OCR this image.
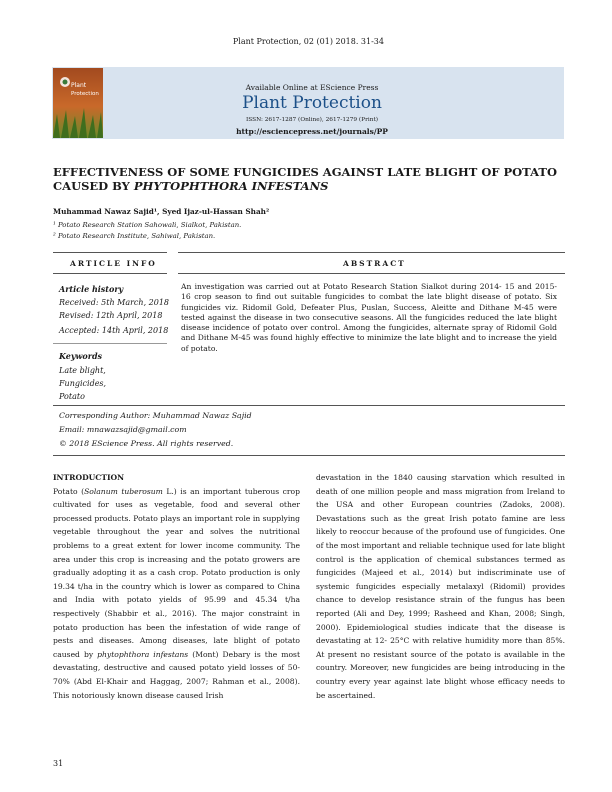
Plant Protection, 02 (01) 2018. 31-34
Plant
Protection
Available Online at EScience Press
Plant Protection
ISSN: 2617-1287 (Online), 2617-1279 (Print)
http://esciencepress.net/journals/PP
EFFECTIVENESS OF SOME FUNGICIDES AGAINST LATE BLIGHT OF POTATO CAUSED BY PHYTOPHTHORA INFESTANS
Muhammad Nawaz Sajid¹, Syed Ijaz-ul-Hassan Shah²
¹ Potato Research Station Sahowali, Sialkot, Pakistan.
² Potato Research Institute, Sahiwal, Pakistan.
ARTICLE INFO	ABSTRACT
Article history
Received: 5th March, 2018
Revised: 12th April, 2018
Accepted: 14th April, 2018
Keywords
Late blight,
Fungicides,
Potato
An investigation was carried out at Potato Research Station Sialkot during 2014- 15 and 2015- 16 crop season to find out suitable fungicides to combat the late blight disease of potato. Six fungicides viz. Ridomil Gold, Defeater Plus, Puslan, Success, Aleitte and Dithane M-45 were tested against the disease in two consecutive seasons. All the fungicides reduced the late blight disease incidence of potato over control. Among the fungicides, alternate spray of Ridomil Gold and Dithane M-45 was found highly effective to minimize the late blight and to increase the yield of potato.
Corresponding Author: Muhammad Nawaz Sajid
Email: mnawazsajid@gmail.com
© 2018 EScience Press. All rights reserved.

INTRODUCTION

Potato (Solanum tuberosum L.) is an important tuberous crop cultivated for uses as vegetable, food and several other processed products. Potato plays an important role in supplying vegetable throughout the year and solves the nutritional problems to a great extent for lower income community. The area under this crop is increasing and the potato growers are gradually adopting it as a cash crop. Potato production is only 19.34 t/ha in the country which is lower as compared to China and India with potato yields of 95.99 and 45.34 t/ha respectively (Shabbir et al., 2016). The major constraint in potato production has been the infestation of wide range of pests and diseases. Among diseases, late blight of potato caused by phytophthora infestans (Mont) Debary is the most devastating, destructive and caused potato yield losses of 50-70% (Abd El-Khair and Haggag, 2007; Rahman et al., 2008). This notoriously known disease caused Irish

devastation in the 1840 causing starvation which resulted in death of one million people and mass migration from Ireland to the USA and other European countries (Zadoks, 2008). Devastations such as the great Irish potato famine are less likely to reoccur because of the profound use of fungicides. One of the most important and reliable technique used for late blight control is the application of chemical substances termed as fungicides (Majeed et al., 2014) but indiscriminate use of systemic fungicides especially metalaxyl (Ridomil) provides chance to develop resistance strain of the fungus has been reported (Ali and Dey, 1999; Rasheed and Khan, 2008; Singh, 2000). Epidemiological studies indicate that the disease is devastating at 12- 25°C with relative humidity more than 85%. At present no resistant source of the potato is available in the country. Moreover, new fungicides are being introducing in the country every year against late blight whose efficacy needs to be ascertained.
31
